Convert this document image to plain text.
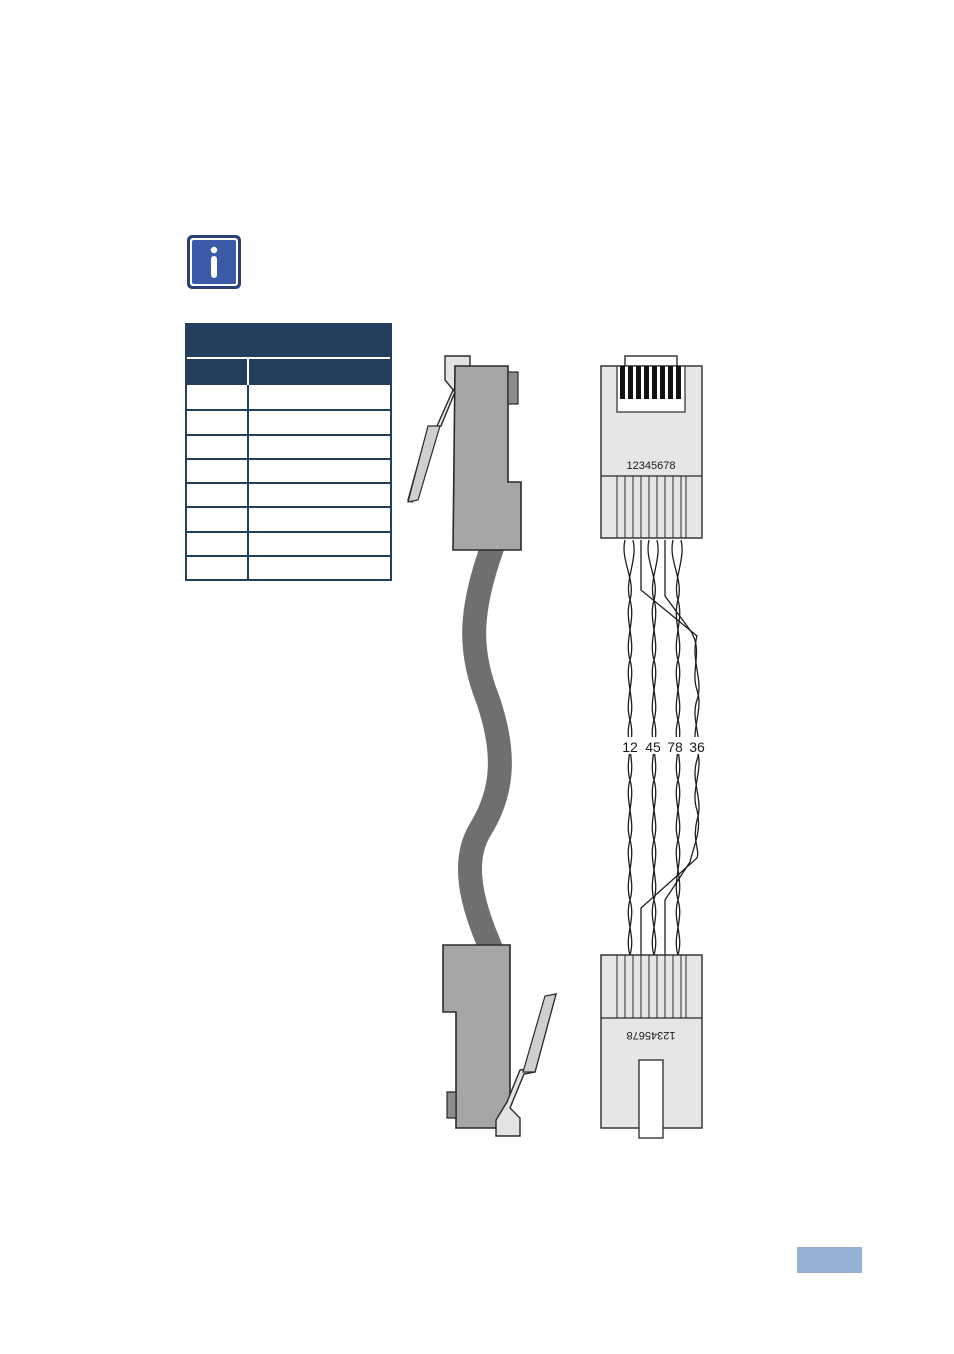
12345678
12 45 78 36
12345678
